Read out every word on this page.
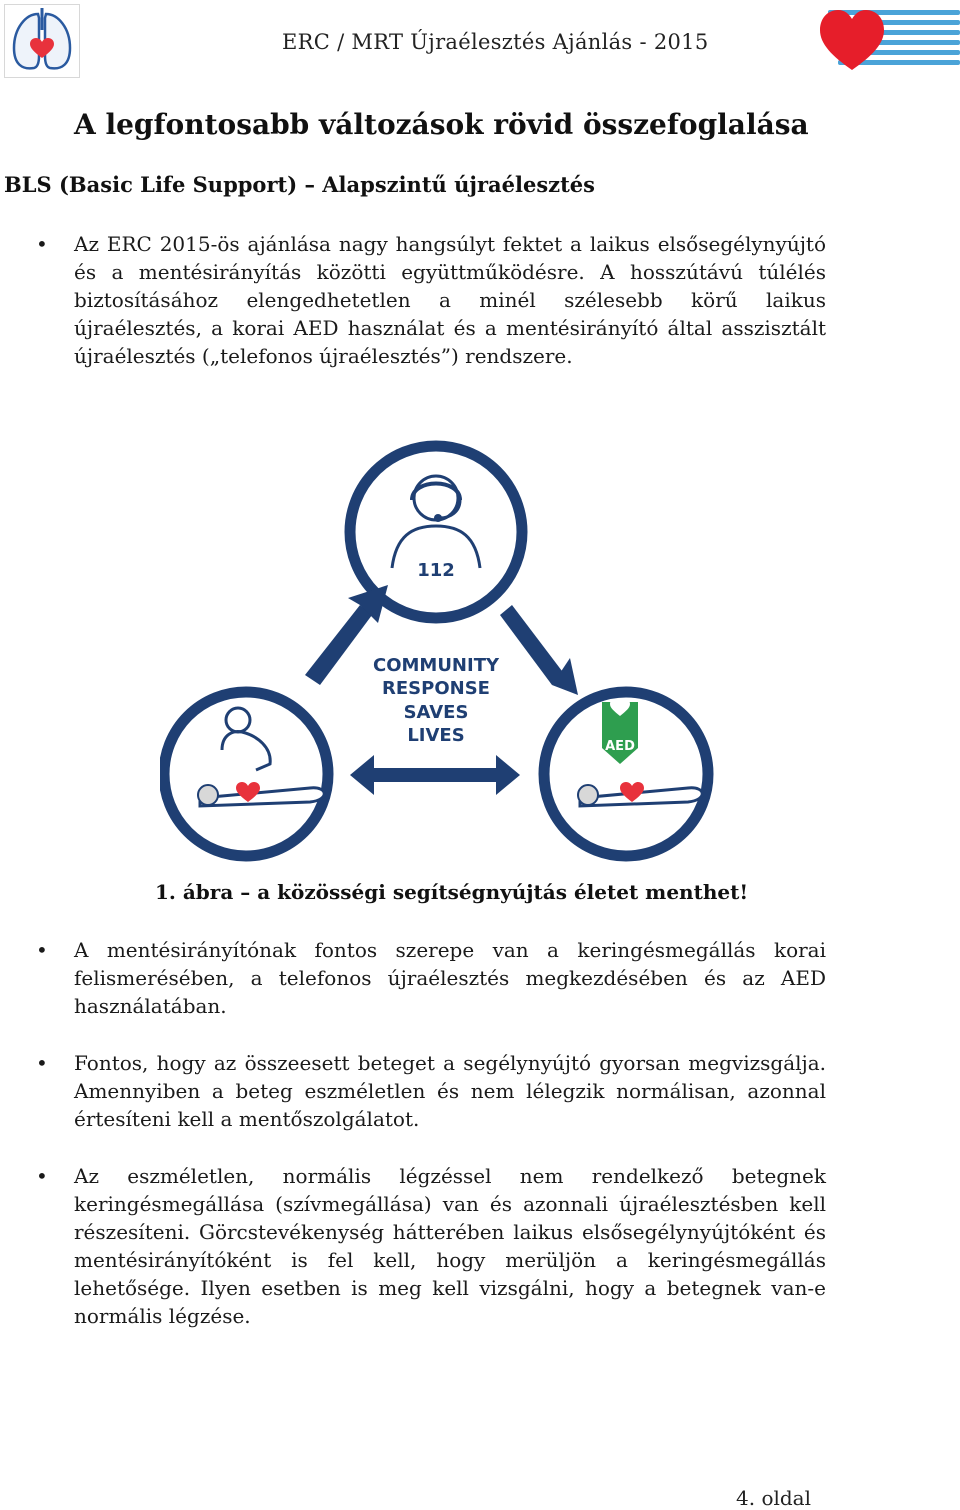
ERC / MRT Újraélesztés Ajánlás - 2015
A legfontosabb változások rövid összefoglalása
BLS (Basic Life Support) – Alapszintű újraélesztés
•	Az ERC 2015-ös ajánlása nagy hangsúlyt fektet a laikus elsősegélynyújtó és a mentésirányítás közötti együttműködésre. A hosszútávú túlélés biztosításához elengedhetetlen a minél szélesebb körű laikus újraélesztés, a korai AED használat és a mentésirányító által asszisztált újraélesztés („telefonos újraélesztés”) rendszere.
112
COMMUNITY
RESPONSE
SAVES
LIVES
AED
1. ábra – a közösségi segítségnyújtás életet menthet!
•	A mentésirányítónak fontos szerepe van a keringésmegállás korai felismerésében, a telefonos újraélesztés megkezdésében és az AED használatában.
•	Fontos, hogy az összeesett beteget a segélynyújtó gyorsan megvizsgálja. Amennyiben a beteg eszméletlen és nem lélegzik normálisan, azonnal értesíteni kell a mentőszolgálatot.
•	Az eszméletlen, normális légzéssel nem rendelkező betegnek keringésmegállása (szívmegállása) van és azonnali újraélesztésben kell részesíteni. Görcstevékenység hátterében laikus elsősegélynyújtóként és mentésirányítóként is fel kell, hogy merüljön a keringésmegállás lehetősége. Ilyen esetben is meg kell vizsgálni, hogy a betegnek van-e normális légzése.
4. oldal
